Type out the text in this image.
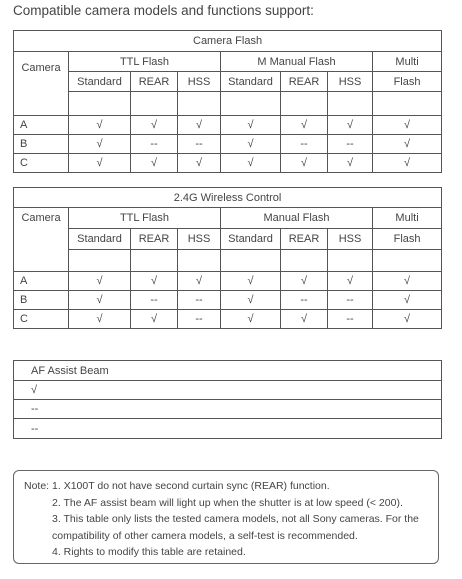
Compatible camera models and functions support:
Camera Flash							
Camera	TTL Flash			M Manual Flash			Multi
	Standard	REAR	HSS	Standard	REAR	HSS	Flash

A	√	√	√	√	√	√	√
B	√	--	--	√	--	--	√
C	√	√	√	√	√	√	√
2.4G Wireless Control							
Camera	TTL Flash			Manual Flash			Multi
	Standard	REAR	HSS	Standard	REAR	HSS	Flash

A	√	√	√	√	√	√	√
B	√	--	--	√	--	--	√
C	√	√	--	√	√	--	√
	AF Assist Beam
	√
	--
	--
Note: 1. X100T do not have second curtain sync (REAR) function.
2. The AF assist beam will light up when the shutter is at low speed (< 200).
3. This table only lists the tested camera models, not all Sony cameras. For the
compatibility of other camera models, a self-test is recommended.
4. Rights to modify this table are retained.
